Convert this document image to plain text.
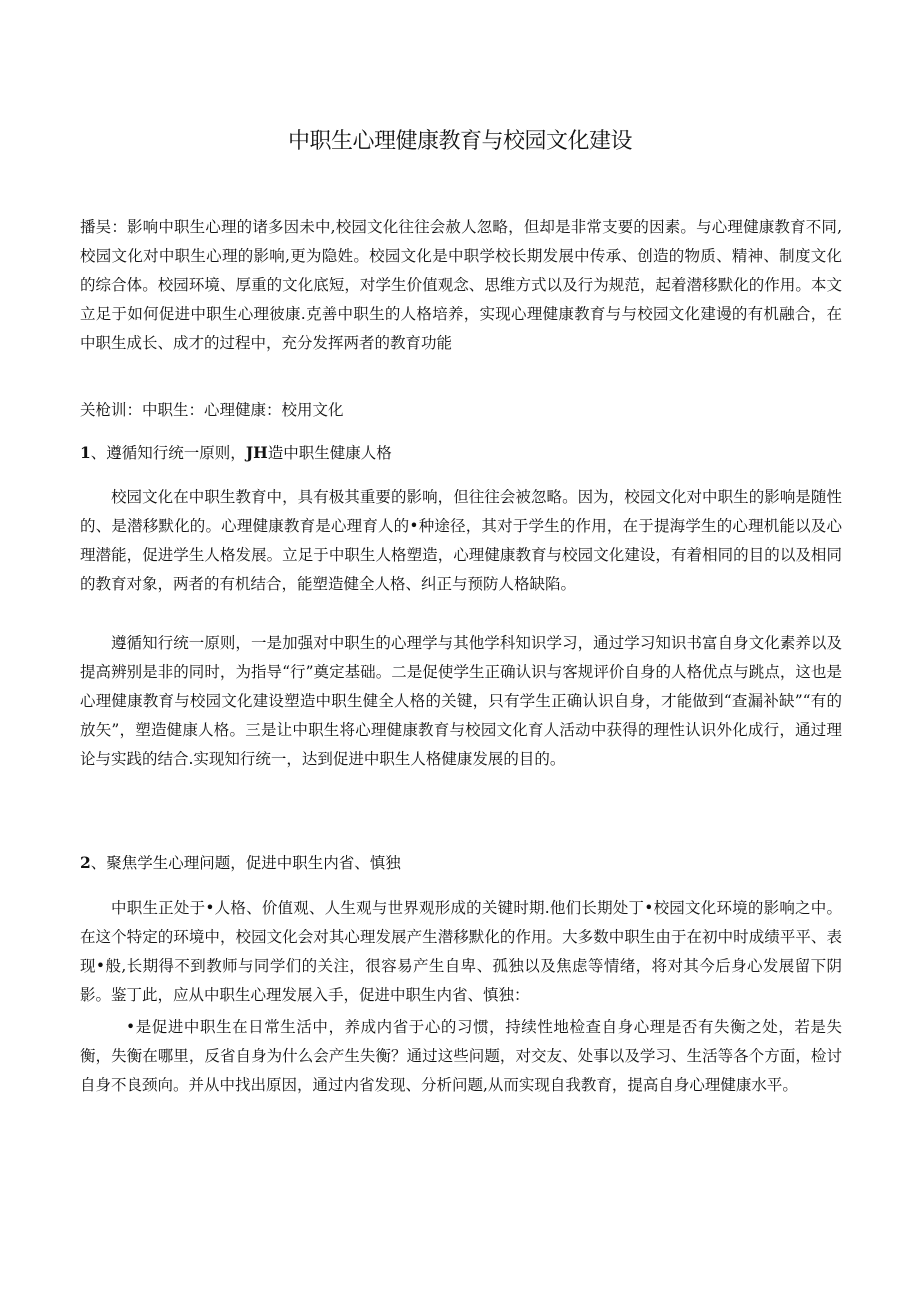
中职生心理健康教育与校园文化建设

播吴：影响中职生心理的诸多因未中,校园文化往往会赦人忽略，但却是非常支要的因素。与心理健康教育不同,校园文化对中职生心理的影响,更为隐姓。校园文化是中职学校长期发展中传承、创造的物质、精神、制度文化的综合体。校园环境、厚重的文化底短，对学生价值观念、思维方式以及行为规范，起着潜移默化的作用。本文立足于如何促进中职生心理彼康.克善中职生的人格培养，实现心理健康教育与与校园文化建谩的有机融合，在中职生成长、成才的过程中，充分发挥两者的教育功能

关枪训：中职生：心理健康：校用文化

1、遵循知行统一原则，JH造中职生健康人格

校园文化在中职生教育中，具有极其重要的影响，但往往会被忽略。因为，校园文化对中职生的影响是随性的、是潜移默化的。心理健康教育是心理育人的•种途径，其对于学生的作用，在于提海学生的心理机能以及心理潜能，促进学生人格发展。立足于中职生人格塑造，心理健康教育与校园文化建设，有着相同的目的以及相同的教育对象，两者的有机结合，能塑造健全人格、纠正与预防人格缺陷。

遵循知行统一原则，一是加强对中职生的心理学与其他学科知识学习，通过学习知识书富自身文化素养以及提高辨别是非的同时，为指导“行”奠定基础。二是促使学生正确认识与客规评价自身的人格优点与跳点，这也是心理健康教育与校园文化建设塑造中职生健全人格的关键，只有学生正确认识自身，才能做到“查漏补缺”“有的放矢”，塑造健康人格。三是让中职生将心理健康教育与校园文化育人活动中获得的理性认识外化成行，通过理论与实践的结合.实现知行统一，达到促进中职生人格健康发展的目的。

2、聚焦学生心理问题，促进中职生内省、慎独

中职生正处于•人格、价值观、人生观与世界观形成的关键时期.他们长期处丁•校园文化环境的影响之中。在这个特定的环境中，校园文化会对其心理发展产生潜移默化的作用。大多数中职生由于在初中时成绩平平、表现•般,长期得不到教师与同学们的关注，很容易产生自卑、孤独以及焦虑等情绪，将对其今后身心发展留下阴影。鉴丁此，应从中职生心理发展入手，促进中职生内省、慎独：

•是促进中职生在日常生活中，养成内省于心的习惯，持续性地检查自身心理是否有失衡之处，若是失衡，失衡在哪里，反省自身为什么会产生失衡？通过这些问题，对交友、处事以及学习、生活等各个方面，检讨自身不良颈向。并从中找出原因，通过内省发现、分析问题,从而实现自我教育，提高自身心理健康水平。
